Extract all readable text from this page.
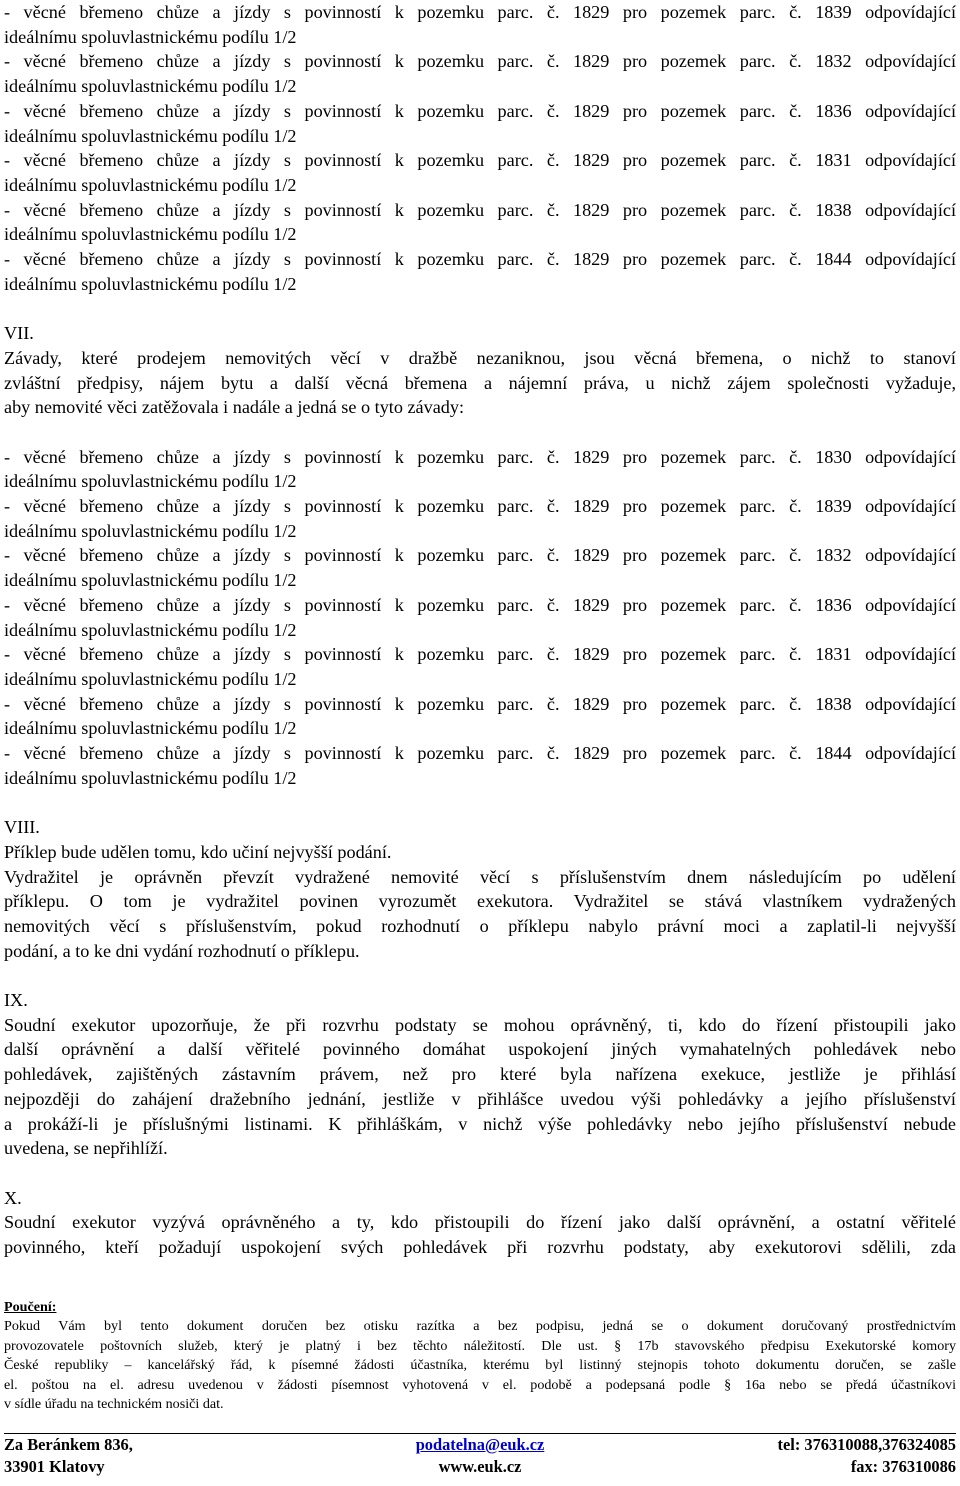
- věcné břemeno chůze a jízdy s povinností k pozemku parc. č. 1829 pro pozemek parc. č. 1839 odpovídající
ideálnímu spoluvlastnickému podílu 1/2
- věcné břemeno chůze a jízdy s povinností k pozemku parc. č. 1829 pro pozemek parc. č. 1832 odpovídající
ideálnímu spoluvlastnickému podílu 1/2
- věcné břemeno chůze a jízdy s povinností k pozemku parc. č. 1829 pro pozemek parc. č. 1836 odpovídající
ideálnímu spoluvlastnickému podílu 1/2
- věcné břemeno chůze a jízdy s povinností k pozemku parc. č. 1829 pro pozemek parc. č. 1831 odpovídající
ideálnímu spoluvlastnickému podílu 1/2
- věcné břemeno chůze a jízdy s povinností k pozemku parc. č. 1829 pro pozemek parc. č. 1838 odpovídající
ideálnímu spoluvlastnickému podílu 1/2
- věcné břemeno chůze a jízdy s povinností k pozemku parc. č. 1829 pro pozemek parc. č. 1844 odpovídající
ideálnímu spoluvlastnickému podílu 1/2
VII.
Závady, které prodejem nemovitých věcí v dražbě nezaniknou, jsou věcná břemena, o nichž to stanoví
zvláštní předpisy, nájem bytu a další věcná břemena a nájemní práva, u nichž zájem společnosti vyžaduje,
aby nemovité věci zatěžovala i nadále a jedná se o tyto závady:
- věcné břemeno chůze a jízdy s povinností k pozemku parc. č. 1829 pro pozemek parc. č. 1830 odpovídající
ideálnímu spoluvlastnickému podílu 1/2
- věcné břemeno chůze a jízdy s povinností k pozemku parc. č. 1829 pro pozemek parc. č. 1839 odpovídající
ideálnímu spoluvlastnickému podílu 1/2
- věcné břemeno chůze a jízdy s povinností k pozemku parc. č. 1829 pro pozemek parc. č. 1832 odpovídající
ideálnímu spoluvlastnickému podílu 1/2
- věcné břemeno chůze a jízdy s povinností k pozemku parc. č. 1829 pro pozemek parc. č. 1836 odpovídající
ideálnímu spoluvlastnickému podílu 1/2
- věcné břemeno chůze a jízdy s povinností k pozemku parc. č. 1829 pro pozemek parc. č. 1831 odpovídající
ideálnímu spoluvlastnickému podílu 1/2
- věcné břemeno chůze a jízdy s povinností k pozemku parc. č. 1829 pro pozemek parc. č. 1838 odpovídající
ideálnímu spoluvlastnickému podílu 1/2
- věcné břemeno chůze a jízdy s povinností k pozemku parc. č. 1829 pro pozemek parc. č. 1844 odpovídající
ideálnímu spoluvlastnickému podílu 1/2
VIII.
Příklep bude udělen tomu, kdo učiní nejvyšší podání.
Vydražitel je oprávněn převzít vydražené nemovité věcí s příslušenstvím dnem následujícím po udělení
příklepu. O tom je vydražitel povinen vyrozumět exekutora. Vydražitel se stává vlastníkem vydražených
nemovitých věcí s příslušenstvím, pokud rozhodnutí o příklepu nabylo právní moci a zaplatil-li nejvyšší
podání, a to ke dni vydání rozhodnutí o příklepu.
IX.
Soudní exekutor upozorňuje, že při rozvrhu podstaty se mohou oprávněný, ti, kdo do řízení přistoupili jako
další oprávnění a další věřitelé povinného domáhat uspokojení jiných vymahatelných pohledávek nebo
pohledávek, zajištěných zástavním právem, než pro které byla nařízena exekuce, jestliže je přihlásí
nejpozději do zahájení dražebního jednání, jestliže v přihlášce uvedou výši pohledávky a jejího příslušenství
a prokáží-li je příslušnými listinami. K přihláškám, v nichž výše pohledávky nebo jejího příslušenství nebude
uvedena, se nepřihlíží.
X.
Soudní exekutor vyzývá oprávněného a ty, kdo přistoupili do řízení jako další oprávnění, a ostatní věřitelé
povinného, kteří požadují uspokojení svých pohledávek při rozvrhu podstaty, aby exekutorovi sdělili, zda
Poučení:
Pokud Vám byl tento dokument doručen bez otisku razítka a bez podpisu, jedná se o dokument doručovaný prostřednictvím
provozovatele poštovních služeb, který je platný i bez těchto náležitostí. Dle ust. § 17b stavovského předpisu Exekutorské komory
České republiky – kancelářský řád, k písemné žádosti účastníka, kterému byl listinný stejnopis tohoto dokumentu doručen, se zašle
el. poštou na el. adresu uvedenou v žádosti písemnost vyhotovená v el. podobě a podepsaná podle § 16a nebo se předá účastníkovi
v sídle úřadu na technickém nosiči dat.
Za Beránkem 836,	podatelna@euk.cz	tel: 376310088,376324085
33901 Klatovy	www.euk.cz	fax: 376310086
